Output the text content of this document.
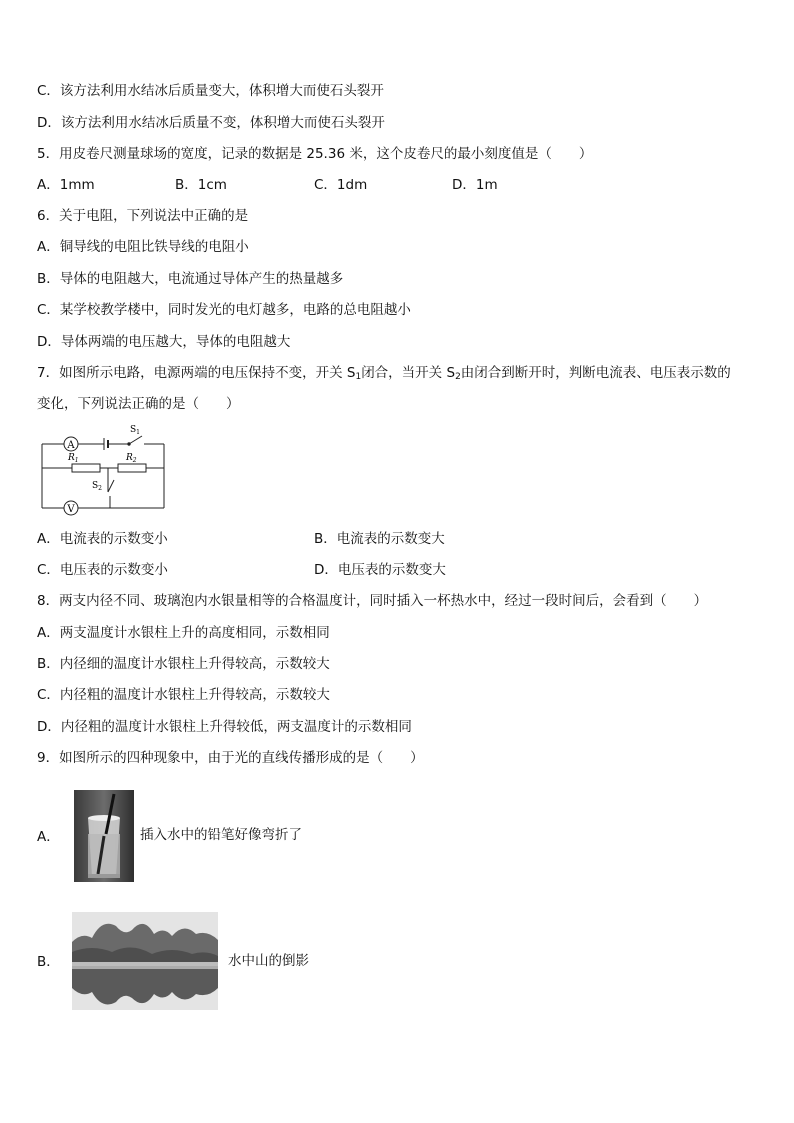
C．该方法利用水结冰后质量变大，体积增大而使石头裂开
D．该方法利用水结冰后质量不变，体积增大而使石头裂开
5．用皮卷尺测量球场的宽度，记录的数据是 25.36 米，这个皮卷尺的最小刻度值是（　　）
A．1mm	B．1cm	C．1dm	D．1m
6．关于电阻，下列说法中正确的是
A．铜导线的电阻比铁导线的电阻小
B．导体的电阻越大，电流通过导体产生的热量越多
C．某学校教学楼中，同时发光的电灯越多，电路的总电阻越小
D．导体两端的电压越大，导体的电阻越大
7．如图所示电路，电源两端的电压保持不变，开关 $S_1$闭合，当开关 $S_2$由闭合到断开时，判断电流表、电压表示数的
变化，下列说法正确的是（　　）
A
V
$S_1$
$S_2$
$R_1$	$R_2$
A．电流表的示数变小	B．电流表的示数变大
C．电压表的示数变小	D．电压表的示数变大
8．两支内径不同、玻璃泡内水银量相等的合格温度计，同时插入一杯热水中，经过一段时间后，会看到（　　）
A．两支温度计水银柱上升的高度相同，示数相同
B．内径细的温度计水银柱上升得较高，示数较大
C．内径粗的温度计水银柱上升得较高，示数较大
D．内径粗的温度计水银柱上升得较低，两支温度计的示数相同
9．如图所示的四种现象中，由于光的直线传播形成的是（　　）
A．	插入水中的铅笔好像弯折了
B．	水中山的倒影
